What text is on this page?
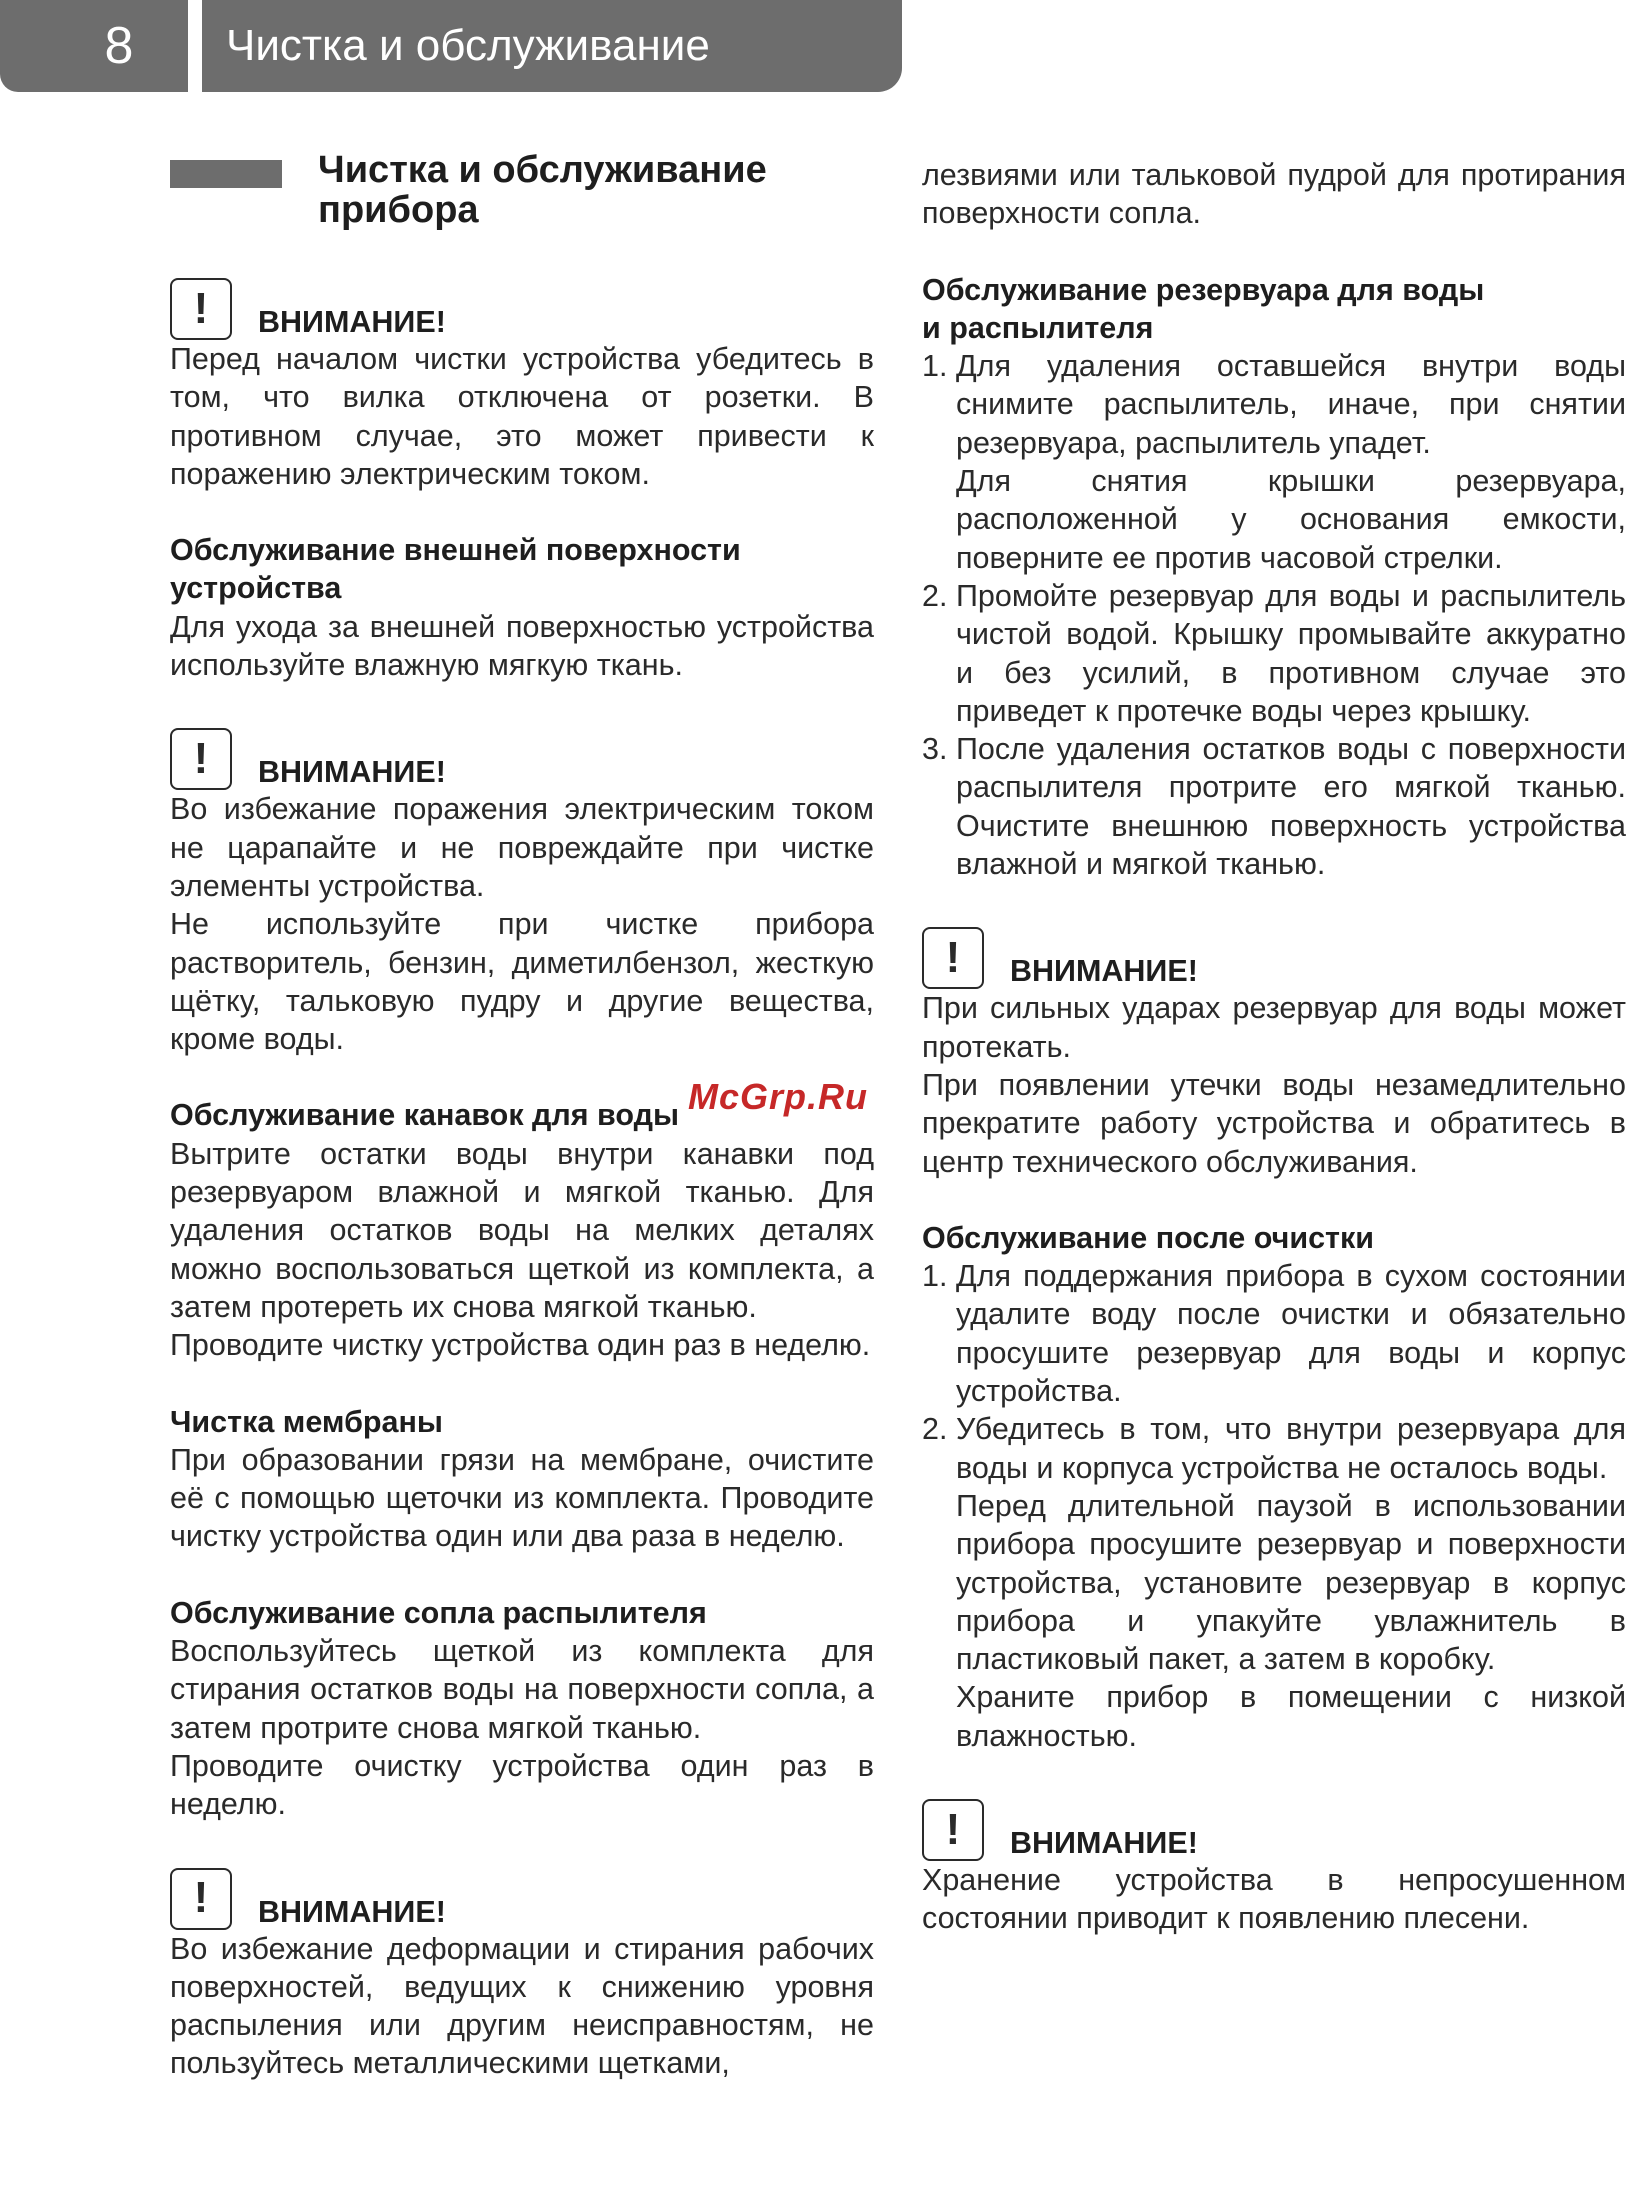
8	Чистка и обслуживание
Чистка и обслуживание
прибора
!	ВНИМАНИЕ!

Перед началом чистки устройства убедитесь в том, что вилка отключена от розетки. В противном случае, это может привести к поражению электрическим током.

Обслуживание внешней поверхности
устройства

Для ухода за внешней поверхностью устройства используйте влажную мягкую ткань.

!	ВНИМАНИЕ!

Во избежание поражения электрическим током не царапайте и не повреждайте при чистке элементы устройства.

Не используйте при чистке прибора растворитель, бензин, диметилбензол, жесткую щётку, тальковую пудру и другие вещества, кроме воды.

Обслуживание канавок для воды

Вытрите остатки воды внутри канавки под резервуаром влажной и мягкой тканью. Для удаления остатков воды на мелких деталях можно воспользоваться щеткой из комплекта, а затем протереть их снова мягкой тканью.

Проводите чистку устройства один раз в неделю.

Чистка мембраны

При образовании грязи на мембране, очистите её с помощью щеточки из комплекта. Проводите чистку устройства один или два раза в неделю.

Обслуживание сопла распылителя

Воспользуйтесь щеткой из комплекта для стирания остатков воды на поверхности сопла, а затем протрите снова мягкой тканью.

Проводите очистку устройства один раз в неделю.

!	ВНИМАНИЕ!

Во избежание деформации и стирания рабочих поверхностей, ведущих к снижению уровня распыления или другим неисправностям, не пользуйтесь металлическими щетками,

лезвиями или тальковой пудрой для протирания поверхности сопла.

Обслуживание резервуара для воды
и распылителя

1. Для удаления оставшейся внутри воды снимите распылитель, иначе, при снятии резервуара, распылитель упадет.

Для снятия крышки резервуара, расположенной у основания емкости, поверните ее против часовой стрелки.

2. Промойте резервуар для воды и распылитель чистой водой. Крышку промывайте аккуратно и без усилий, в противном случае это приведет к протечке воды через крышку.
3. После удаления остатков воды с поверхности распылителя протрите его мягкой тканью. Очистите внешнюю поверхность устройства влажной и мягкой тканью.
!	ВНИМАНИЕ!

При сильных ударах резервуар для воды может протекать.

При появлении утечки воды незамедлительно прекратите работу устройства и обратитесь в центр технического обслуживания.

Обслуживание после очистки

1. Для поддержания прибора в сухом состоянии удалите воду после очистки и обязательно просушите резервуар для воды и корпус устройства.
2. Убедитесь в том, что внутри резервуара для воды и корпуса устройства не осталось воды.

Перед длительной паузой в использовании прибора просушите резервуар и поверхности устройства, установите резервуар в корпус прибора и упакуйте увлажнитель в пластиковый пакет, а затем в коробку.

Храните прибор в помещении с низкой влажностью.

!	ВНИМАНИЕ!

Хранение устройства в непросушенном состоянии приводит к появлению плесени.

McGrp.Ru
